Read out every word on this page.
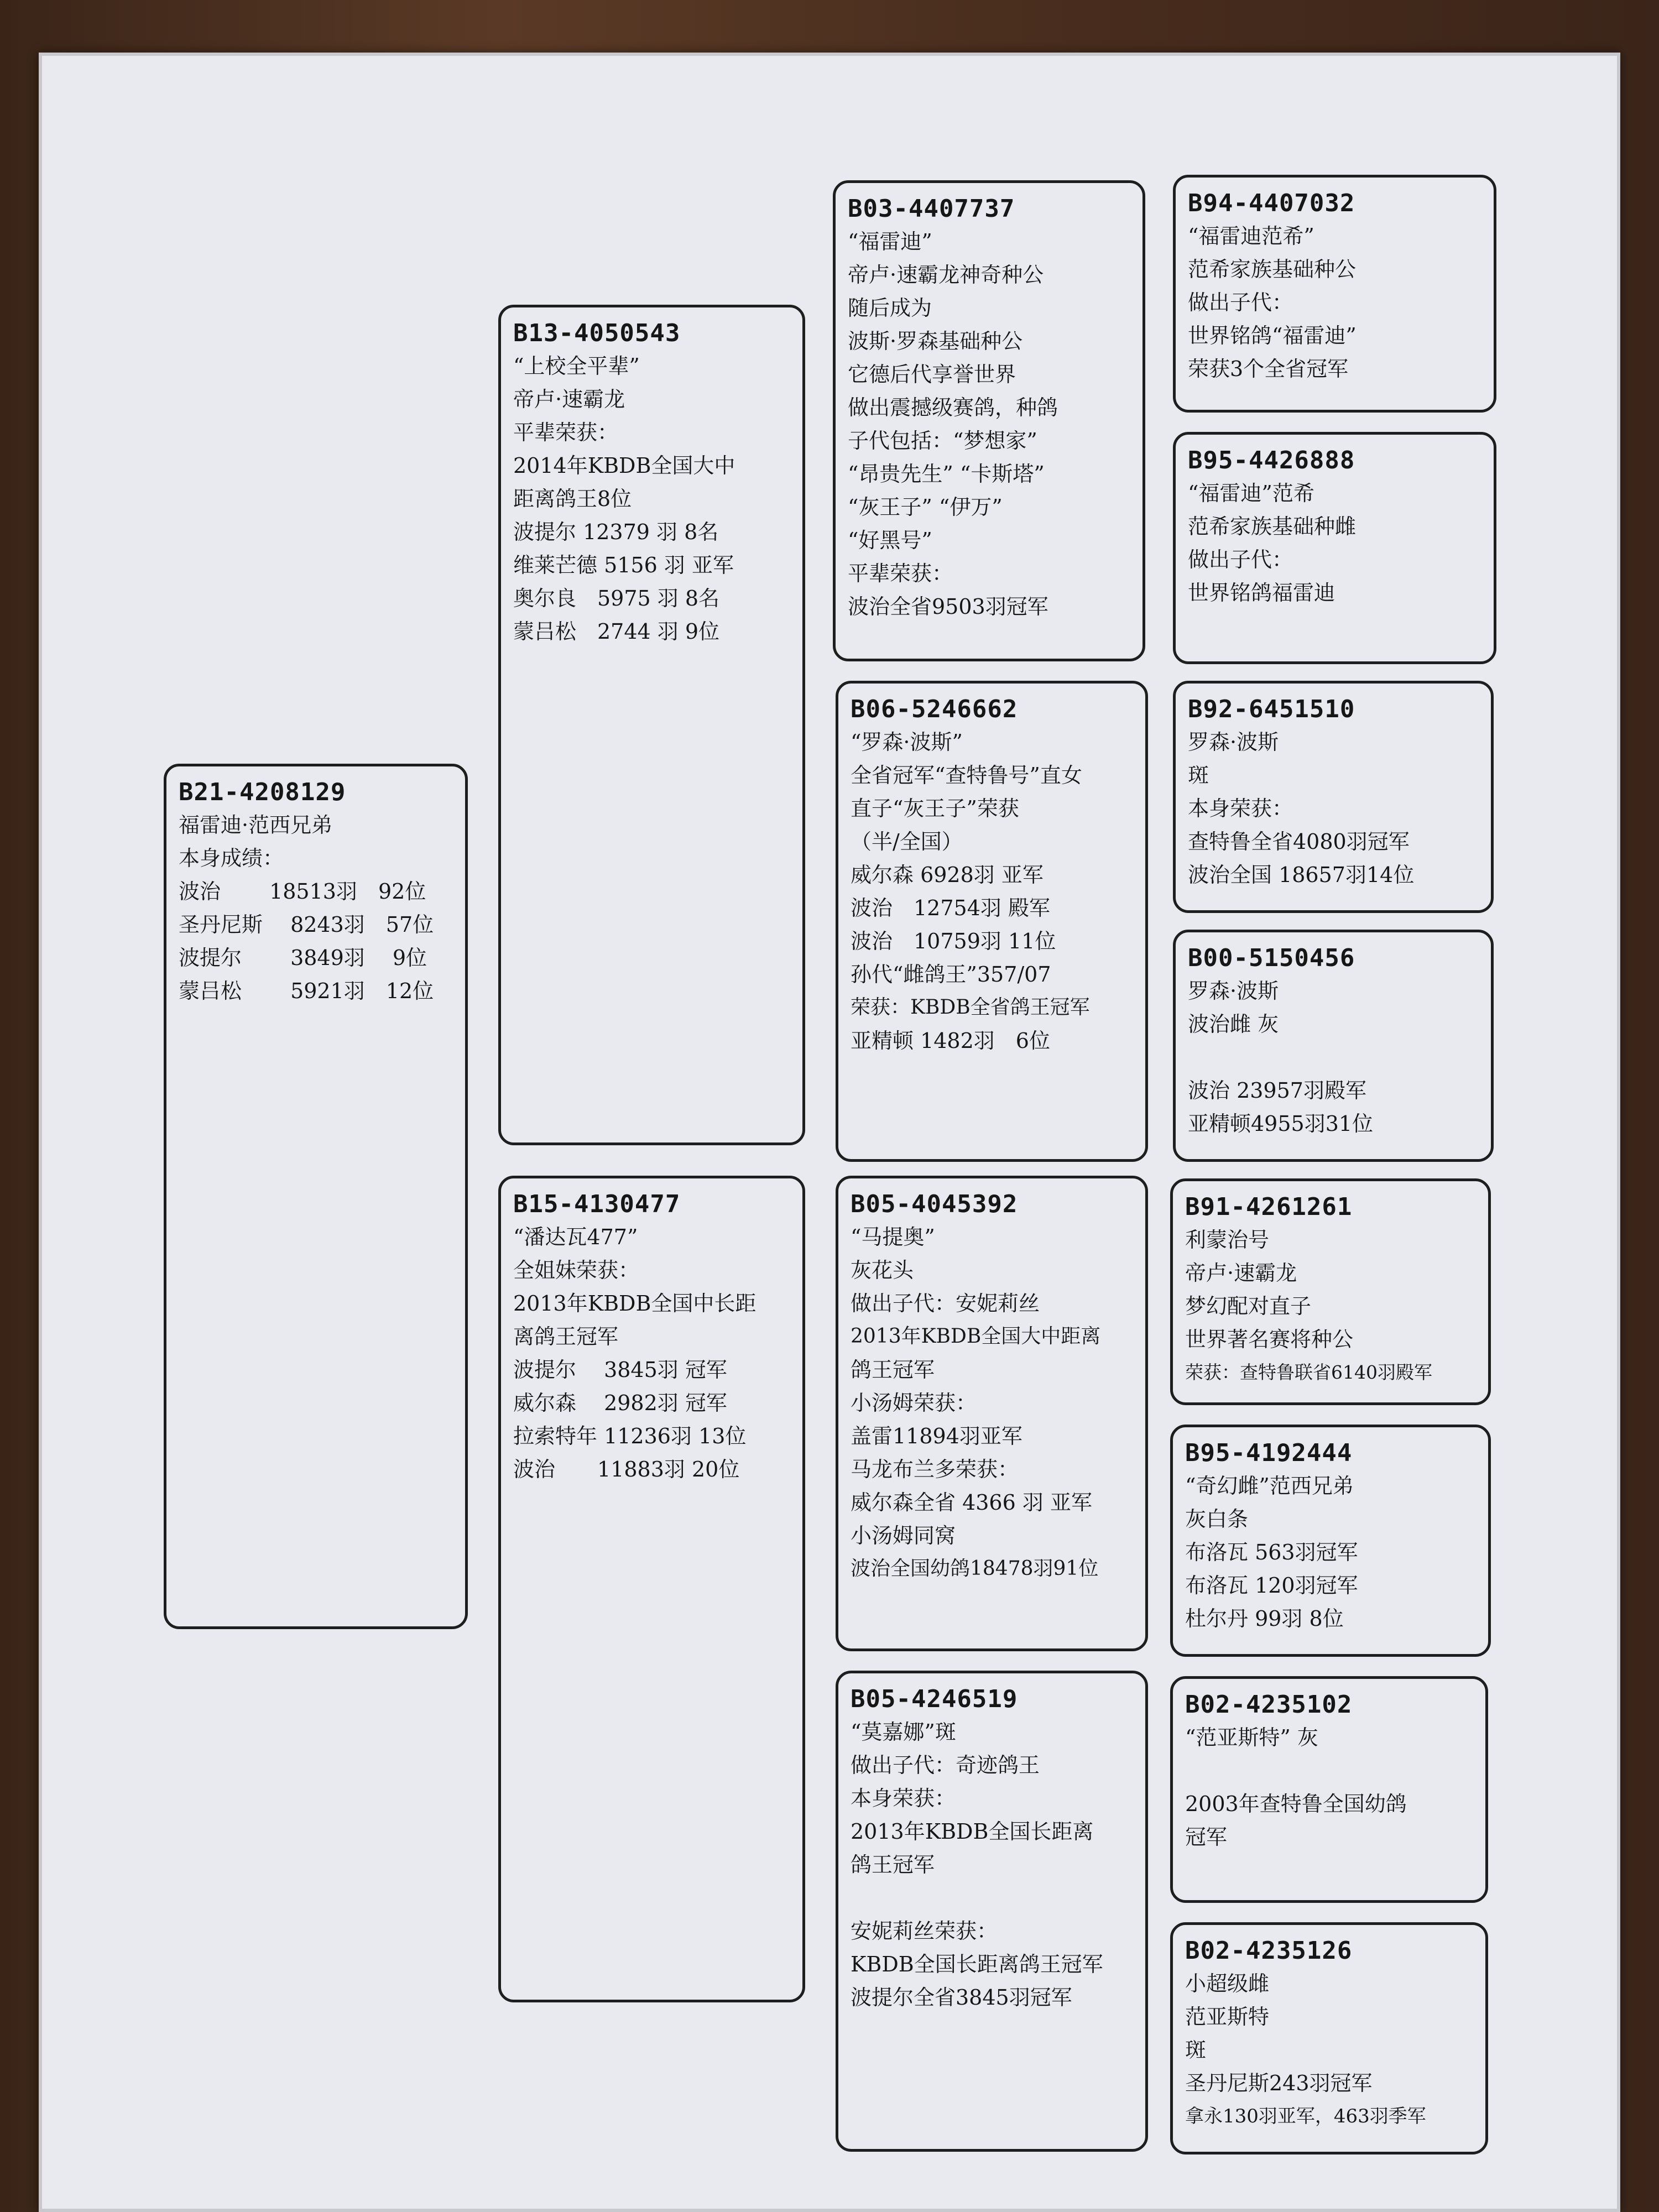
B21-4208129
福雷迪·范西兄弟
本身成绩：
波治　　 18513羽　92位
圣丹尼斯　 8243羽　57位
波提尔　　 3849羽　 9位
蒙吕松　　 5921羽　12位
B13-4050543
“上校全平辈”
帝卢·速霸龙
平辈荣获：
2014年KBDB全国大中
距离鸽王8位
波提尔 12379 羽 8名
维莱芒德 5156 羽 亚军
奥尔良　5975 羽 8名
蒙吕松　2744 羽 9位
B15-4130477
“潘达瓦477”
全姐妹荣获：
2013年KBDB全国中长距
离鸽王冠军
波提尔　 3845羽 冠军
威尔森　 2982羽 冠军
拉索特年 11236羽 13位
波治　　11883羽 20位
B03-4407737
“福雷迪”
帝卢·速霸龙神奇种公
随后成为
波斯·罗森基础种公
它德后代享誉世界
做出震撼级赛鸽，种鸽
子代包括：“梦想家”
“昂贵先生” “卡斯塔”
“灰王子” “伊万”
“好黑号”
平辈荣获：
波治全省9503羽冠军
B06-5246662
“罗森·波斯”
全省冠军“查特鲁号”直女
直子“灰王子”荣获
（半/全国）
威尔森 6928羽 亚军
波治　12754羽 殿军
波治　10759羽 11位
孙代“雌鸽王”357/07
荣获：KBDB全省鸽王冠军
亚精顿 1482羽　6位
B05-4045392
“马提奥”
灰花头
做出子代：安妮莉丝
2013年KBDB全国大中距离
鸽王冠军
小汤姆荣获：
盖雷11894羽亚军
马龙布兰多荣获：
威尔森全省 4366 羽 亚军
小汤姆同窝
波治全国幼鸽18478羽91位
B05-4246519
“莫嘉娜”斑
做出子代：奇迹鸽王
本身荣获：
2013年KBDB全国长距离
鸽王冠军
安妮莉丝荣获：
KBDB全国长距离鸽王冠军
波提尔全省3845羽冠军
B94-4407032
“福雷迪范希”
范希家族基础种公
做出子代：
世界铭鸽“福雷迪”
荣获3个全省冠军
B95-4426888
“福雷迪”范希
范希家族基础种雌
做出子代：
世界铭鸽福雷迪
B92-6451510
罗森·波斯
斑
本身荣获：
查特鲁全省4080羽冠军
波治全国 18657羽14位
B00-5150456
罗森·波斯
波治雌 灰
波治 23957羽殿军
亚精顿4955羽31位
B91-4261261
利蒙治号
帝卢·速霸龙
梦幻配对直子
世界著名赛将种公
荣获：查特鲁联省6140羽殿军
B95-4192444
“奇幻雌”范西兄弟
灰白条
布洛瓦 563羽冠军
布洛瓦 120羽冠军
杜尔丹 99羽 8位
B02-4235102
“范亚斯特” 灰
2003年查特鲁全国幼鸽
冠军
B02-4235126
小超级雌
范亚斯特
斑
圣丹尼斯243羽冠军
拿永130羽亚军，463羽季军
